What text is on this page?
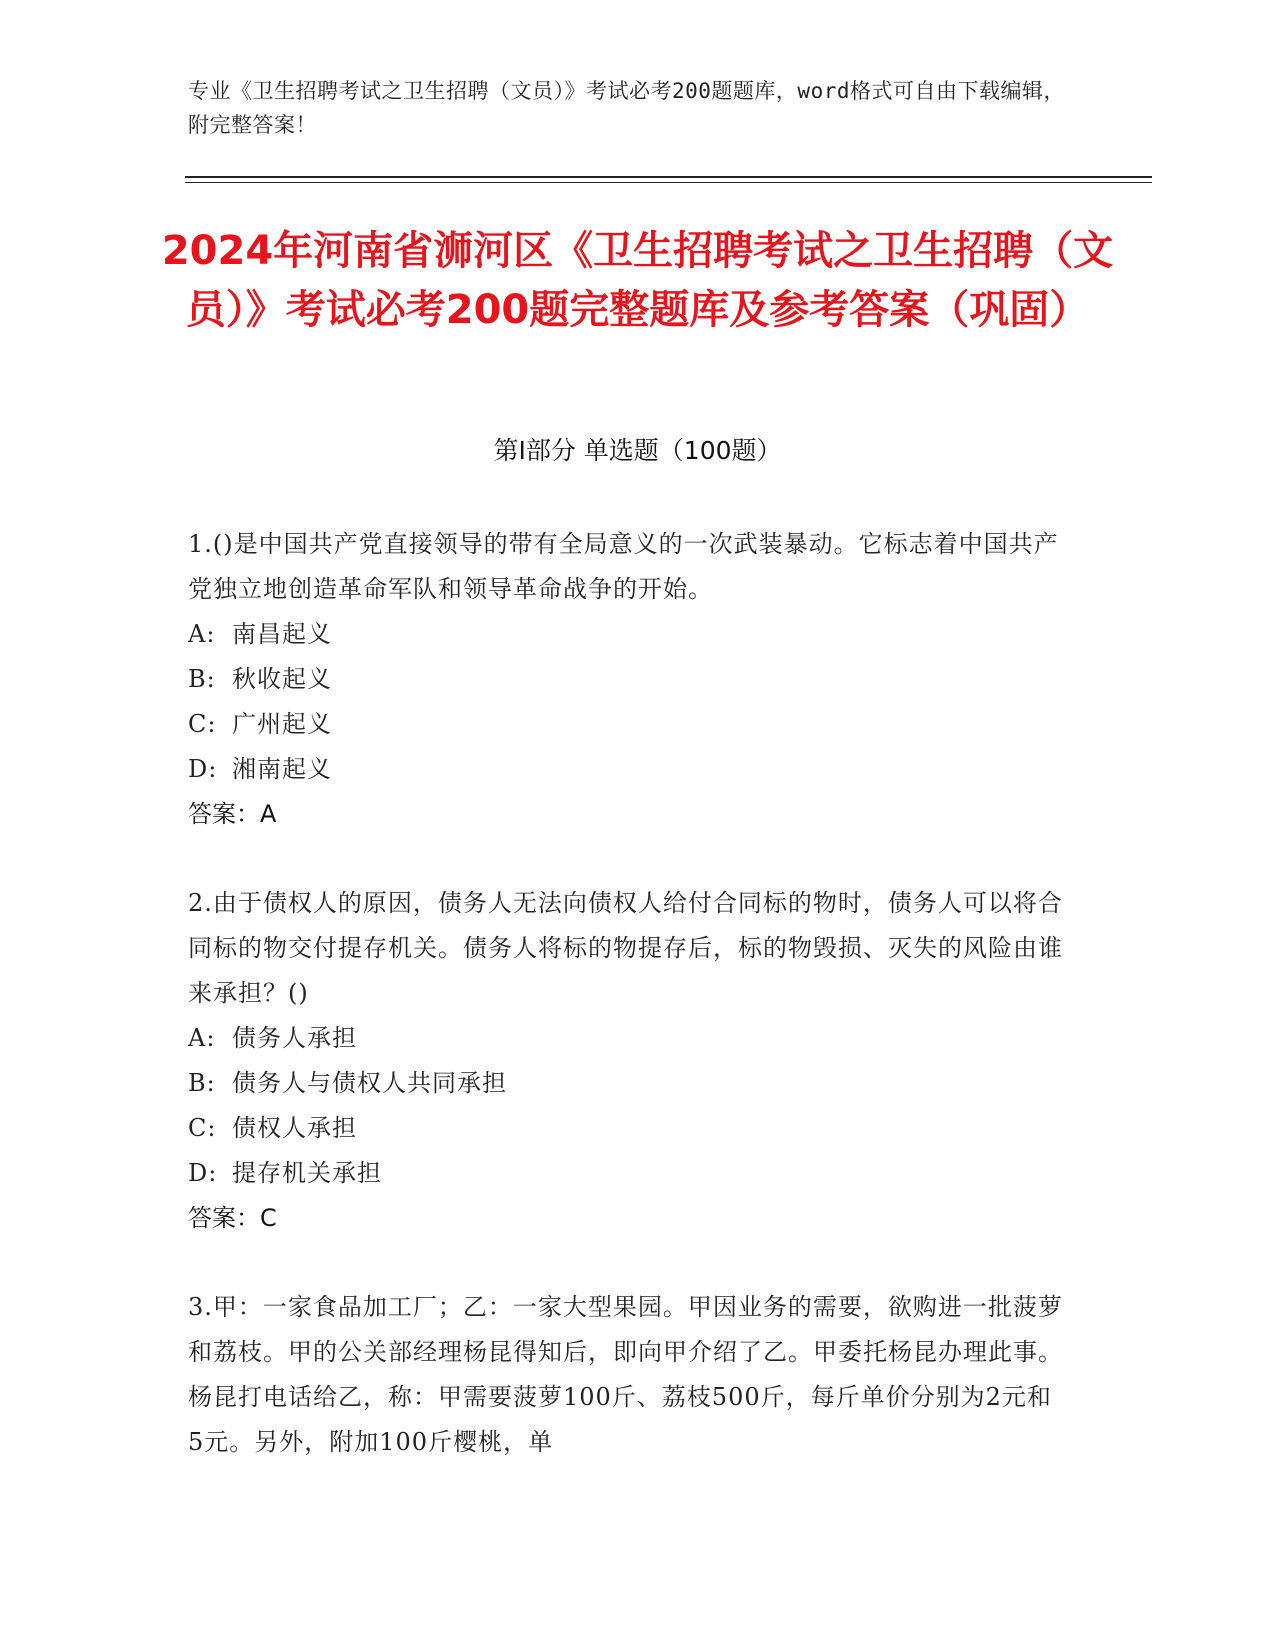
专业《卫生招聘考试之卫生招聘（文员）》考试必考200题题库，word格式可自由下载编辑，附完整答案！
2024年河南省浉河区《卫生招聘考试之卫生招聘（文员）》考试必考200题完整题库及参考答案（巩固）
第Ⅰ部分 单选题（100题）
1.()是中国共产党直接领导的带有全局意义的一次武装暴动。它标志着中国共产党独立地创造革命军队和领导革命战争的开始。
A: 南昌起义
B: 秋收起义
C: 广州起义
D: 湘南起义
答案：A
2.由于债权人的原因，债务人无法向债权人给付合同标的物时，债务人可以将合同标的物交付提存机关。债务人将标的物提存后，标的物毁损、灭失的风险由谁来承担？()
A: 债务人承担
B: 债务人与债权人共同承担
C: 债权人承担
D: 提存机关承担
答案：C
3.甲：一家食品加工厂；乙：一家大型果园。甲因业务的需要，欲购进一批菠萝和荔枝。甲的公关部经理杨昆得知后，即向甲介绍了乙。甲委托杨昆办理此事。杨昆打电话给乙，称：甲需要菠萝100斤、荔枝500斤，每斤单价分别为2元和5元。另外，附加100斤樱桃，单
